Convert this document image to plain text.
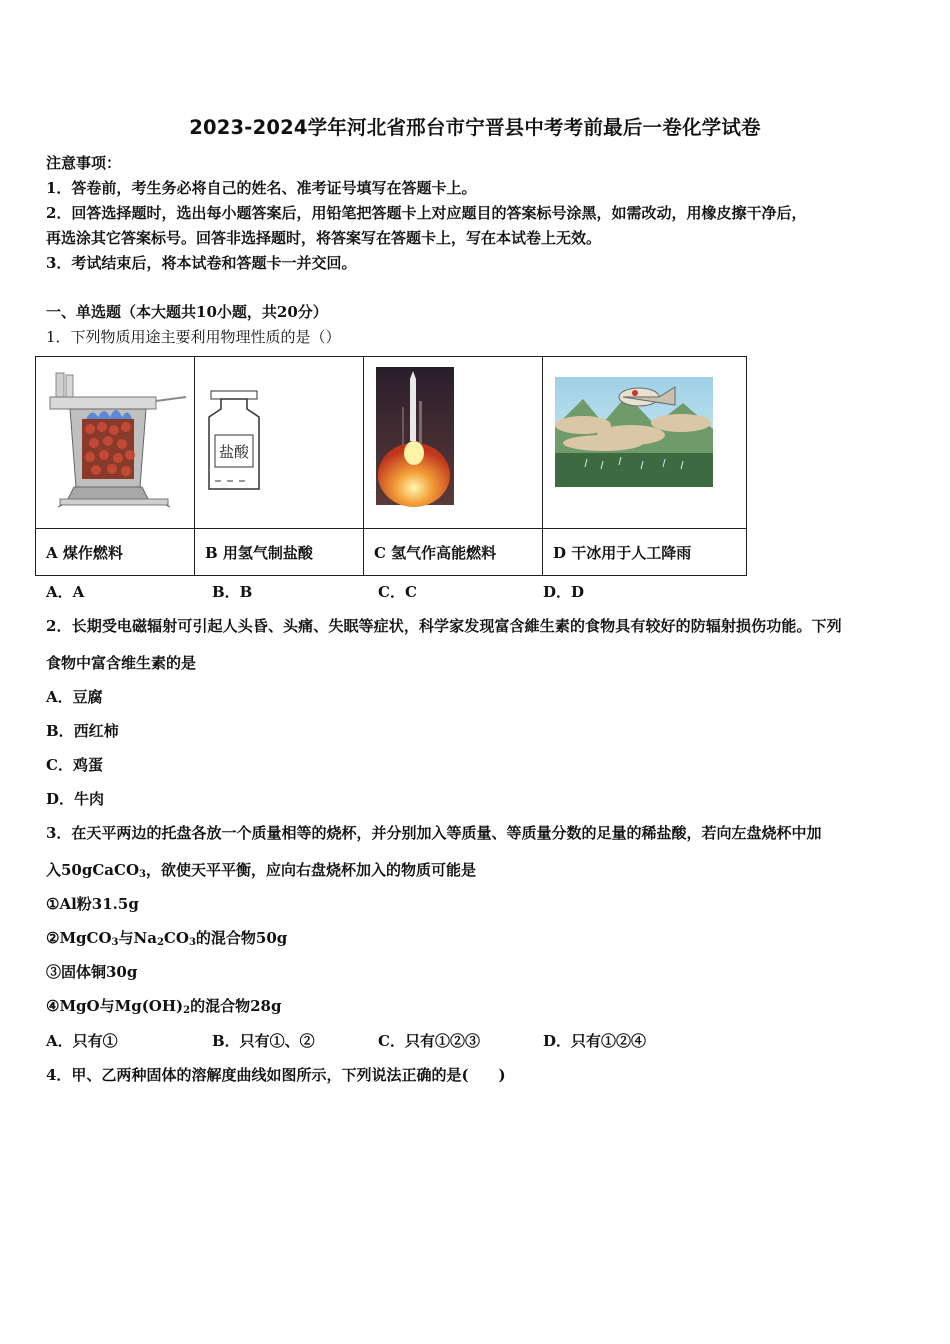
2023-2024学年河北省邢台市宁晋县中考考前最后一卷化学试卷
注意事项：
1．答卷前，考生务必将自己的姓名、准考证号填写在答题卡上。
2．回答选择题时，选出每小题答案后，用铅笔把答题卡上对应题目的答案标号涂黑，如需改动，用橡皮擦干净后，
再选涂其它答案标号。回答非选择题时，将答案写在答题卡上，写在本试卷上无效。
3．考试结束后，将本试卷和答题卡一并交回。
一、单选题（本大题共10小题，共20分）
1．下列物质用途主要利用物理性质的是（）

盐酸

A 煤作燃料	B 用氢气制盐酸	C 氢气作高能燃料	D 干冰用于人工降雨
A．A	B．B	C．C	D．D
2．长期受电磁辐射可引起人头昏、头痛、失眠等症状，科学家发现富含維生素的食物具有较好的防辐射损伤功能。下列
食物中富含维生素的是
A．豆腐
B．西红柿
C．鸡蛋
D．牛肉
3．在天平两边的托盘各放一个质量相等的烧杯，并分别加入等质量、等质量分数的足量的稀盐酸，若向左盘烧杯中加
入50gCaCO$_3$，欲使天平平衡，应向右盘烧杯加入的物质可能是
①Al粉31.5g
②MgCO$_3$与$Na_2CO_3$的混合物50g
③固体铜30g
④MgO与$Mg(OH)_2$的混合物28g
A．只有①	B．只有①、②	C．只有①②③	D．只有①②④
4．甲、乙两种固体的溶解度曲线如图所示，下列说法正确的是(　　)
